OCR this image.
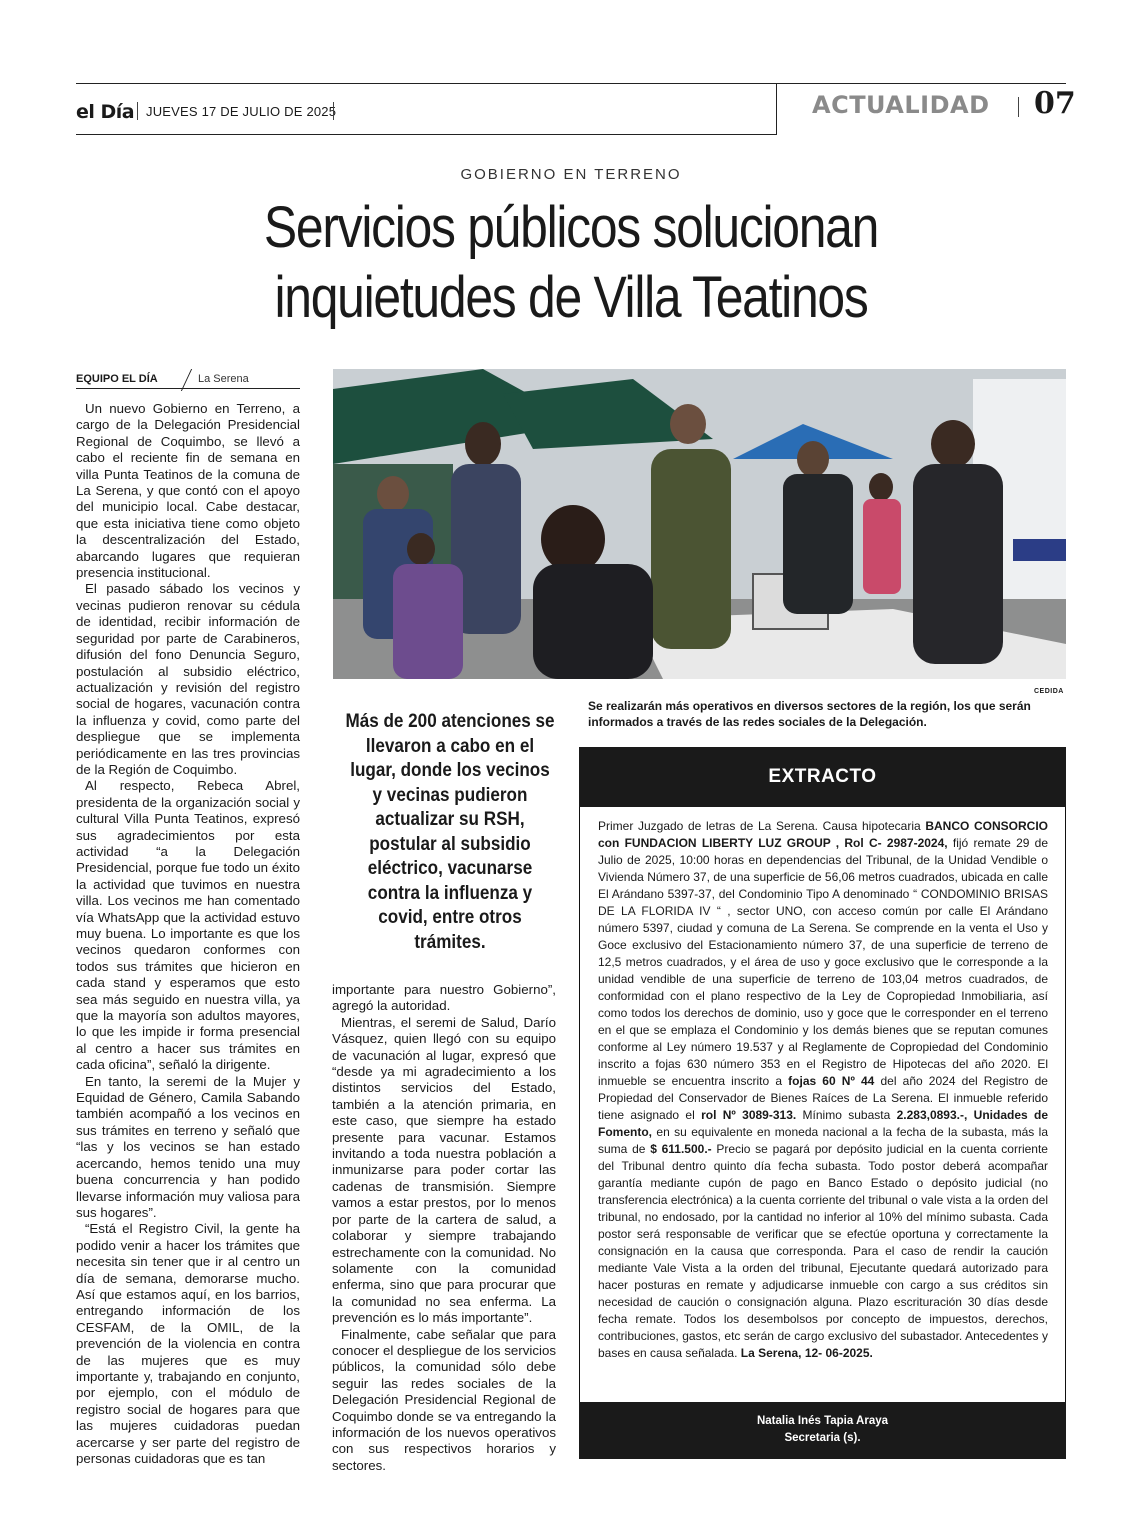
el Día JUEVES 17 DE JULIO DE 2025	ACTUALIDAD 07
GOBIERNO EN TERRENO
Servicios públicos solucionan
inquietudes de Villa Teatinos
EQUIPO EL DÍA	La Serena

Un nuevo Gobierno en Terreno, a cargo de la Delegación Presidencial Regional de Coquimbo, se llevó a cabo el reciente fin de semana en villa Punta Teatinos de la comuna de La Serena, y que contó con el apoyo del municipio local. Cabe destacar, que esta iniciativa tiene como objeto la descentralización del Estado, abarcando lugares que requieran presencia institucional.

El pasado sábado los vecinos y vecinas pudieron renovar su cédula de identidad, recibir información de seguridad por parte de Carabineros, difusión del fono Denuncia Seguro, postulación al subsidio eléctrico, actualización y revisión del registro social de hogares, vacunación contra la influenza y covid, como parte del despliegue que se implementa periódicamente en las tres provincias de la Región de Coquimbo.

Al respecto, Rebeca Abrel, presidenta de la organización social y cultural Villa Punta Teatinos, expresó sus agradecimientos por esta actividad “a la Delegación Presidencial, porque fue todo un éxito la actividad que tuvimos en nuestra villa. Los vecinos me han comentado vía WhatsApp que la actividad estuvo muy buena. Lo importante es que los vecinos quedaron conformes con todos sus trámites que hicieron en cada stand y esperamos que esto sea más seguido en nuestra villa, ya que la mayoría son adultos mayores, lo que les impide ir forma presencial al centro a hacer sus trámites en cada oficina”, señaló la dirigente.

En tanto, la seremi de la Mujer y Equidad de Género, Camila Sabando también acompañó a los vecinos en sus trámites en terreno y señaló que “las y los vecinos se han estado acercando, hemos tenido una muy buena concurrencia y han podido llevarse información muy valiosa para sus hogares”.

“Está el Registro Civil, la gente ha podido venir a hacer los trámites que necesita sin tener que ir al centro un día de semana, demorarse mucho. Así que estamos aquí, en los barrios, entregando información de los CESFAM, de la OMIL, de la prevención de la violencia en contra de las mujeres que es muy importante y, trabajando en conjunto, por ejemplo, con el módulo de registro social de hogares para que las mujeres cuidadoras puedan acercarse y ser parte del registro de personas cuidadoras que es tan

CEDIDA
Se realizarán más operativos en diversos sectores de la región, los que serán informados a través de las redes sociales de la Delegación.
Más de 200 atenciones se llevaron a cabo en el lugar, donde los vecinos y vecinas pudieron actualizar su RSH, postular al subsidio eléctrico, vacunarse contra la influenza y covid, entre otros trámites.

importante para nuestro Gobierno”, agregó la autoridad.

Mientras, el seremi de Salud, Darío Vásquez, quien llegó con su equipo de vacunación al lugar, expresó que “desde ya mi agradecimiento a los distintos servicios del Estado, también a la atención primaria, en este caso, que siempre ha estado presente para vacunar. Estamos invitando a toda nuestra población a inmunizarse para poder cortar las cadenas de transmisión. Siempre vamos a estar prestos, por lo menos por parte de la cartera de salud, a colaborar y siempre trabajando estrechamente con la comunidad. No solamente con la comunidad enferma, sino que para procurar que la comunidad no sea enferma. La prevención es lo más importante”.

Finalmente, cabe señalar que para conocer el despliegue de los servicios públicos, la comunidad sólo debe seguir las redes sociales de la Delegación Presidencial Regional de Coquimbo donde se va entregando la información de los nuevos operativos con sus respectivos horarios y sectores.

EXTRACTO
Primer Juzgado de letras de La Serena. Causa hipotecaria BANCO CONSORCIO con FUNDACION LIBERTY LUZ GROUP , Rol C- 2987-2024, fijó remate 29 de Julio de 2025, 10:00 horas en dependencias del Tribunal, de la Unidad Vendible o Vivienda Número 37, de una superficie de 56,06 metros cuadrados, ubicada en calle El Arándano 5397-37, del Condominio Tipo A denominado “ CONDOMINIO BRISAS DE LA FLORIDA IV “ , sector UNO, con acceso común por calle El Arándano número 5397, ciudad y comuna de La Serena. Se comprende en la venta el Uso y Goce exclusivo del Estacionamiento número 37, de una superficie de terreno de 12,5 metros cuadrados, y el área de uso y goce exclusivo que le corresponde a la unidad vendible de una superficie de terreno de 103,04 metros cuadrados, de conformidad con el plano respectivo de la Ley de Copropiedad Inmobiliaria, así como todos los derechos de dominio, uso y goce que le corresponder en el terreno en el que se emplaza el Condominio y los demás bienes que se reputan comunes conforme al Ley número 19.537 y al Reglamente de Copropiedad del Condominio inscrito a fojas 630 número 353 en el Registro de Hipotecas del año 2020. El inmueble se encuentra inscrito a fojas 60 Nº 44 del año 2024 del Registro de Propiedad del Conservador de Bienes Raíces de La Serena. El inmueble referido tiene asignado el rol Nº 3089-313. Mínimo subasta 2.283,0893.-, Unidades de Fomento, en su equivalente en moneda nacional a la fecha de la subasta, más la suma de $ 611.500.- Precio se pagará por depósito judicial en la cuenta corriente del Tribunal dentro quinto día fecha subasta. Todo postor deberá acompañar garantía mediante cupón de pago en Banco Estado o depósito judicial (no transferencia electrónica) a la cuenta corriente del tribunal o vale vista a la orden del tribunal, no endosado, por la cantidad no inferior al 10% del mínimo subasta. Cada postor será responsable de verificar que se efectúe oportuna y correctamente la consignación en la causa que corresponda. Para el caso de rendir la caución mediante Vale Vista a la orden del tribunal, Ejecutante quedará autorizado para hacer posturas en remate y adjudicarse inmueble con cargo a sus créditos sin necesidad de caución o consignación alguna. Plazo escrituración 30 días desde fecha remate. Todos los desembolsos por concepto de impuestos, derechos, contribuciones, gastos, etc serán de cargo exclusivo del subastador. Antecedentes y bases en causa señalada. La Serena, 12- 06-2025.
Natalia Inés Tapia Araya
Secretaria (s).
